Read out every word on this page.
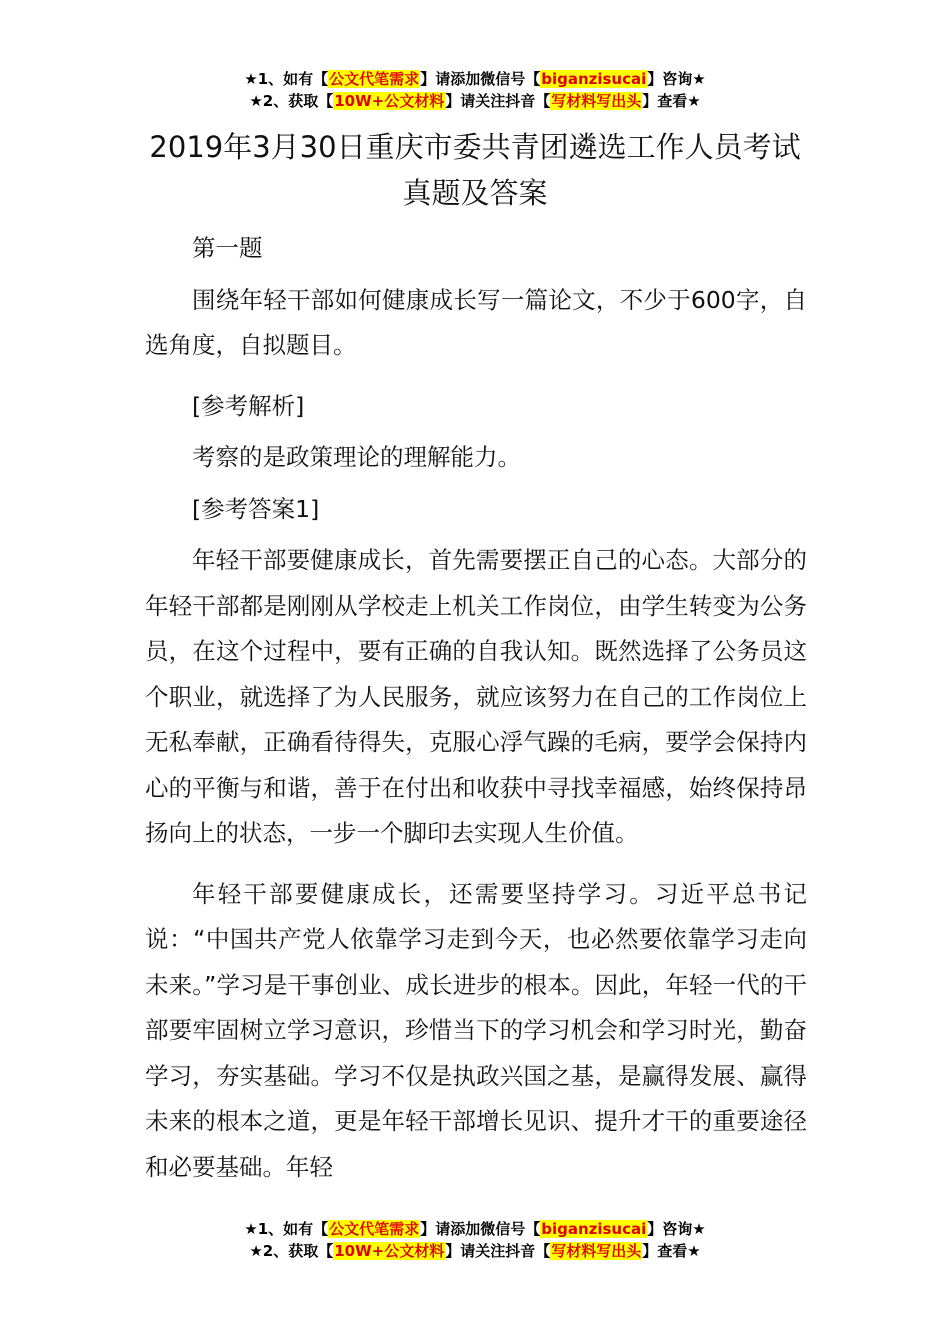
★1、如有【公文代笔需求】请添加微信号【biganzisucai】咨询★
★2、获取【10W+公文材料】请关注抖音【写材料写出头】查看★
2019年3月30日重庆市委共青团遴选工作人员考试真题及答案

第一题

围绕年轻干部如何健康成长写一篇论文，不少于600字，自选角度，自拟题目。

[参考解析]

考察的是政策理论的理解能力。

[参考答案1]

年轻干部要健康成长，首先需要摆正自己的心态。大部分的年轻干部都是刚刚从学校走上机关工作岗位，由学生转变为公务员，在这个过程中，要有正确的自我认知。既然选择了公务员这个职业，就选择了为人民服务，就应该努力在自己的工作岗位上无私奉献，正确看待得失，克服心浮气躁的毛病，要学会保持内心的平衡与和谐，善于在付出和收获中寻找幸福感，始终保持昂扬向上的状态，一步一个脚印去实现人生价值。

年轻干部要健康成长，还需要坚持学习。习近平总书记说：“中国共产党人依靠学习走到今天，也必然要依靠学习走向未来。”学习是干事创业、成长进步的根本。因此，年轻一代的干部要牢固树立学习意识，珍惜当下的学习机会和学习时光，勤奋学习，夯实基础。学习不仅是执政兴国之基，是赢得发展、赢得未来的根本之道，更是年轻干部增长见识、提升才干的重要途径和必要基础。年轻

★1、如有【公文代笔需求】请添加微信号【biganzisucai】咨询★
★2、获取【10W+公文材料】请关注抖音【写材料写出头】查看★
